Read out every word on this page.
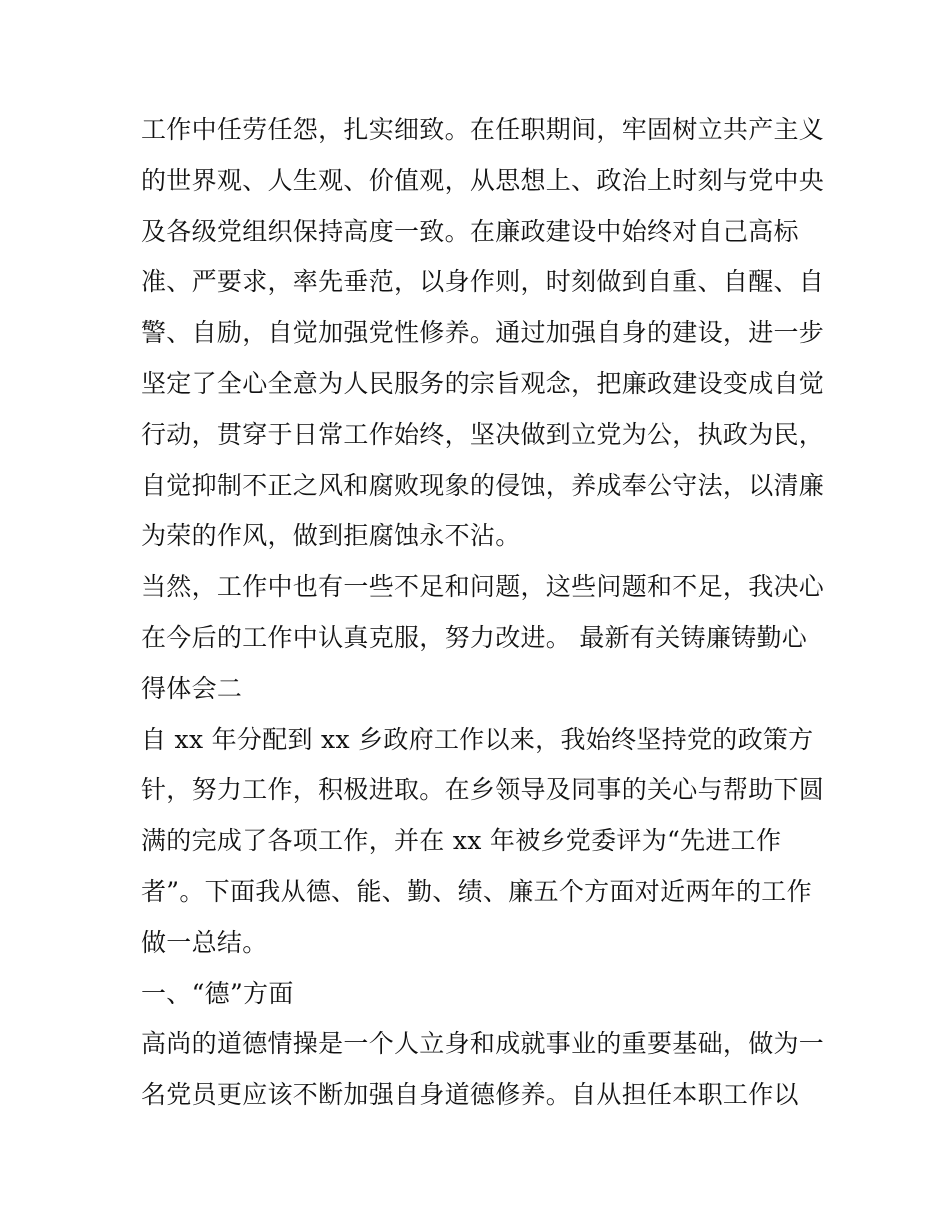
工作中任劳任怨，扎实细致。在任职期间，牢固树立共产主义
的世界观、人生观、价值观，从思想上、政治上时刻与党中央
及各级党组织保持高度一致。在廉政建设中始终对自己高标
准、严要求，率先垂范，以身作则，时刻做到自重、自醒、自
警、自励，自觉加强党性修养。通过加强自身的建设，进一步
坚定了全心全意为人民服务的宗旨观念，把廉政建设变成自觉
行动，贯穿于日常工作始终，坚决做到立党为公，执政为民，
自觉抑制不正之风和腐败现象的侵蚀，养成奉公守法，以清廉
为荣的作风，做到拒腐蚀永不沾。
当然，工作中也有一些不足和问题，这些问题和不足，我决心
在今后的工作中认真克服，努力改进。 最新有关铸廉铸勤心
得体会二
自 xx 年分配到 xx 乡政府工作以来，我始终坚持党的政策方
针，努力工作，积极进取。在乡领导及同事的关心与帮助下圆
满的完成了各项工作，并在 xx 年被乡党委评为“先进工作
者”。下面我从德、能、勤、绩、廉五个方面对近两年的工作
做一总结。
一、“德”方面
高尚的道德情操是一个人立身和成就事业的重要基础，做为一
名党员更应该不断加强自身道德修养。自从担任本职工作以
